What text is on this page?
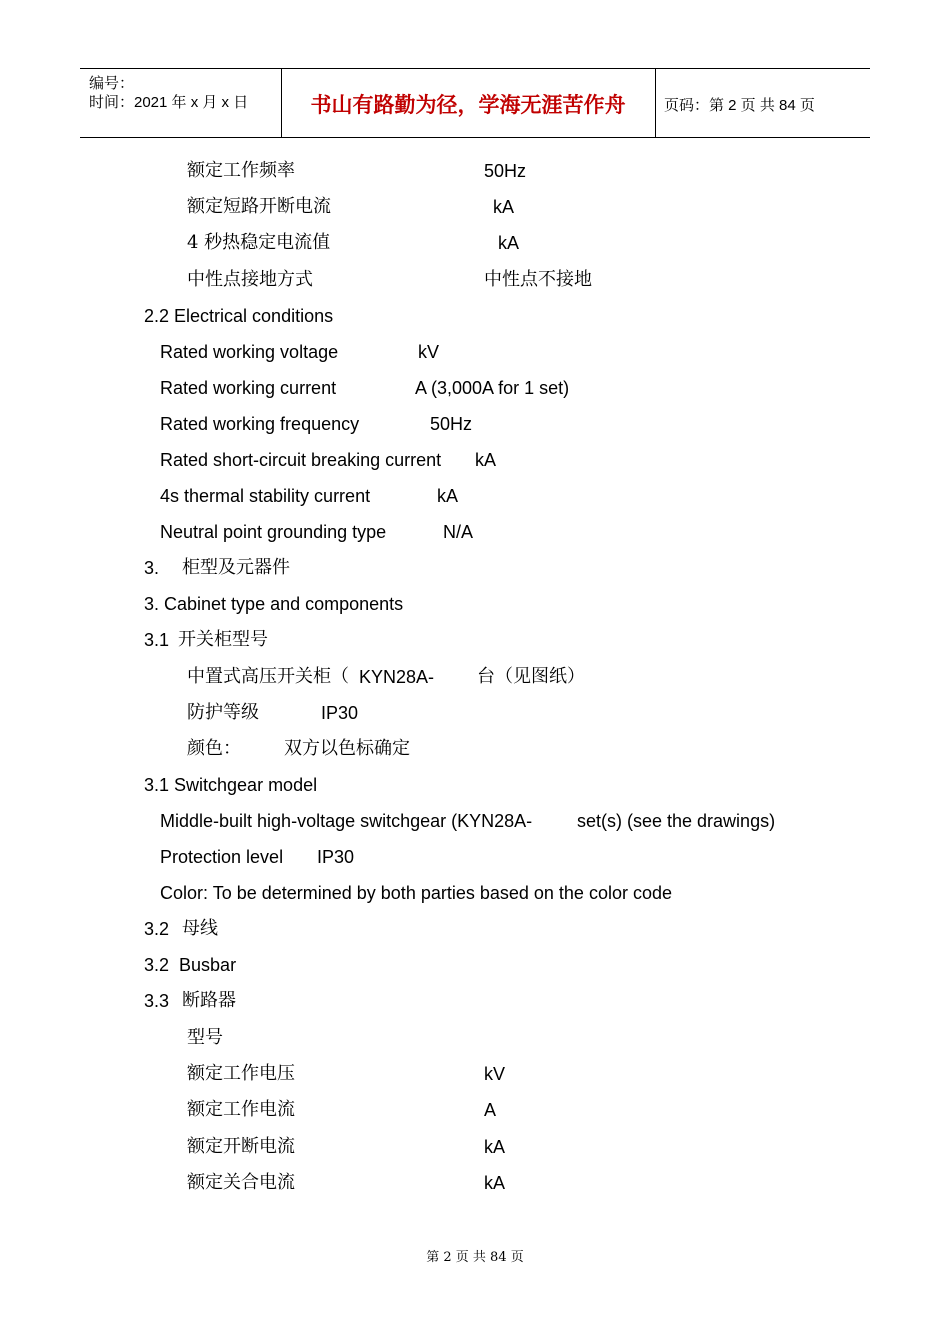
编号：
时间：2021 年 x 月 x 日	书山有路勤为径，学海无涯苦作舟	页码：第 2 页 共 84 页
额定工作频率	50Hz
额定短路开断电流	kA
4 秒热稳定电流值	kA
中性点接地方式	中性点不接地
2.2 Electrical conditions
Rated working voltage	kV
Rated working current	A (3,000A for 1 set)
Rated working frequency	50Hz
Rated short-circuit breaking current kA
4s thermal stability current	kA
Neutral point grounding type	N/A
3. 柜型及元器件
3. Cabinet type and components
3.1 开关柜型号
中置式高压开关柜（ KYN28A- 台（见图纸）
防护等级	IP30
颜色： 双方以色标确定
3.1 Switchgear model
Middle-built high-voltage switchgear (KYN28A- set(s) (see the drawings)
Protection level IP30
Color: To be determined by both parties based on the color code
3.2 母线
3.2  Busbar
3.3 断路器
型号
额定工作电压	kV
额定工作电流	A
额定开断电流	kA
额定关合电流	kA
第 2 页 共 84 页
